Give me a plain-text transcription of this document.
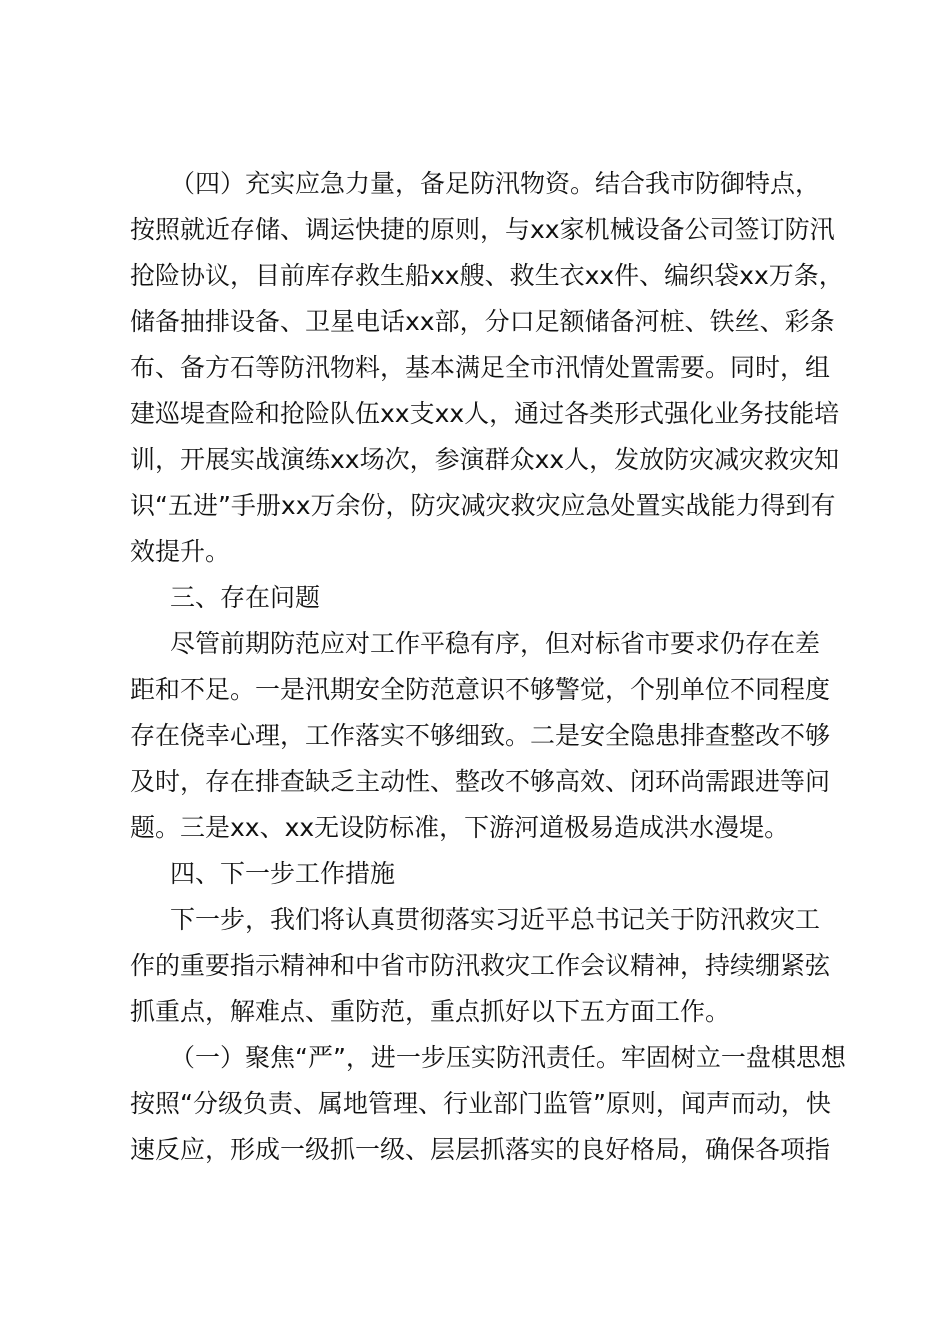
（四）充实应急力量，备足防汛物资。结合我市防御特点，
按照就近存储、调运快捷的原则，与xx家机械设备公司签订防汛
抢险协议，目前库存救生船xx艘、救生衣xx件、编织袋xx万条，
储备抽排设备、卫星电话xx部，分口足额储备河桩、铁丝、彩条
布、备方石等防汛物料，基本满足全市汛情处置需要。同时，组
建巡堤查险和抢险队伍xx支xx人，通过各类形式强化业务技能培
训，开展实战演练xx场次，参演群众xx人，发放防灾减灾救灾知
识“五进”手册xx万余份，防灾减灾救灾应急处置实战能力得到有
效提升。
三、存在问题
尽管前期防范应对工作平稳有序，但对标省市要求仍存在差
距和不足。一是汛期安全防范意识不够警觉，个别单位不同程度
存在侥幸心理，工作落实不够细致。二是安全隐患排查整改不够
及时，存在排查缺乏主动性、整改不够高效、闭环尚需跟进等问
题。三是xx、xx无设防标准，下游河道极易造成洪水漫堤。
四、下一步工作措施
下一步，我们将认真贯彻落实习近平总书记关于防汛救灾工
作的重要指示精神和中省市防汛救灾工作会议精神，持续绷紧弦
抓重点，解难点、重防范，重点抓好以下五方面工作。
（一）聚焦“严”，进一步压实防汛责任。牢固树立一盘棋思想
按照“分级负责、属地管理、行业部门监管”原则，闻声而动，快
速反应，形成一级抓一级、层层抓落实的良好格局，确保各项指
